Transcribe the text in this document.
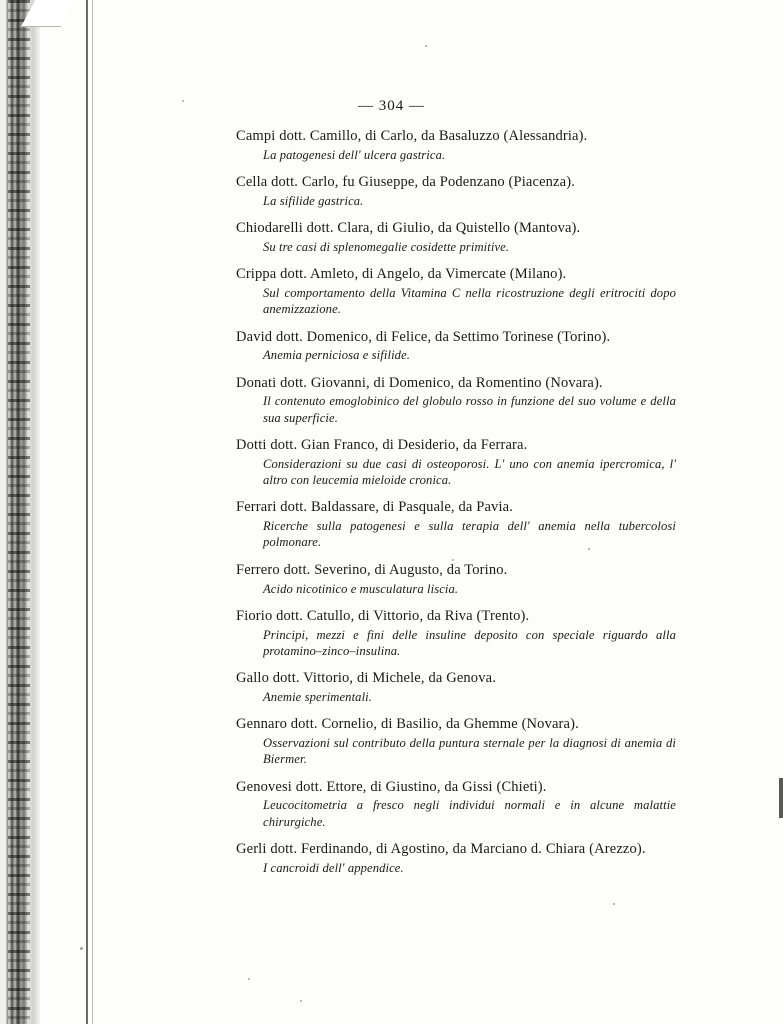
— 304 —
Campi dott. Camillo, di Carlo, da Basaluzzo (Alessandria).
La patogenesi dell' ulcera gastrica.
Cella dott. Carlo, fu Giuseppe, da Podenzano (Piacenza).
La sifilide gastrica.
Chiodarelli dott. Clara, di Giulio, da Quistello (Mantova).
Su tre casi di splenomegalie cosidette primitive.
Crippa dott. Amleto, di Angelo, da Vimercate (Milano).
Sul comportamento della Vitamina C nella ricostruzione degli eritrociti dopo anemizzazione.
David dott. Domenico, di Felice, da Settimo Torinese (Torino).
Anemia perniciosa e sifilide.
Donati dott. Giovanni, di Domenico, da Romentino (Novara).
Il contenuto emoglobinico del globulo rosso in funzione del suo volume e della sua superficie.
Dotti dott. Gian Franco, di Desiderio, da Ferrara.
Considerazioni su due casi di osteoporosi. L' uno con anemia ipercromica, l' altro con leucemia mieloide cronica.
Ferrari dott. Baldassare, di Pasquale, da Pavia.
Ricerche sulla patogenesi e sulla terapia dell' anemia nella tubercolosi polmonare.
Ferrero dott. Severino, di Augusto, da Torino.
Acido nicotinico e musculatura liscia.
Fiorio dott. Catullo, di Vittorio, da Riva (Trento).
Principi, mezzi e fini delle insuline deposito con speciale riguardo alla protamino–zinco–insulina.
Gallo dott. Vittorio, di Michele, da Genova.
Anemie sperimentali.
Gennaro dott. Cornelio, di Basilio, da Ghemme (Novara).
Osservazioni sul contributo della puntura sternale per la diagnosi di anemia di Biermer.
Genovesi dott. Ettore, di Giustino, da Gissi (Chieti).
Leucocitometria a fresco negli individui normali e in alcune malattie chirurgiche.
Gerli dott. Ferdinando, di Agostino, da Marciano d. Chiara (Arezzo).
I cancroidi dell' appendice.
